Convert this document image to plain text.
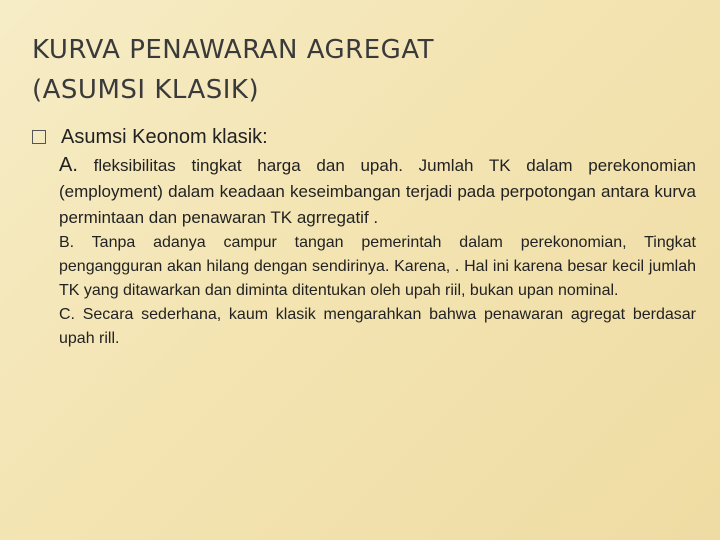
KURVA PENAWARAN AGREGAT
(ASUMSI KLASIK)
Asumsi Keonom klasik:

A. fleksibilitas tingkat harga dan upah. Jumlah TK dalam perekonomian (employment) dalam keadaan keseimbangan terjadi pada perpotongan antara kurva permintaan dan penawaran TK agrregatif .

B. Tanpa adanya campur tangan pemerintah dalam perekonomian, Tingkat pengangguran akan hilang dengan sendirinya. Karena, . Hal ini karena besar kecil jumlah TK yang ditawarkan dan diminta ditentukan oleh upah riil, bukan upan nominal.

C. Secara sederhana, kaum klasik mengarahkan bahwa penawaran agregat berdasar upah rill.
